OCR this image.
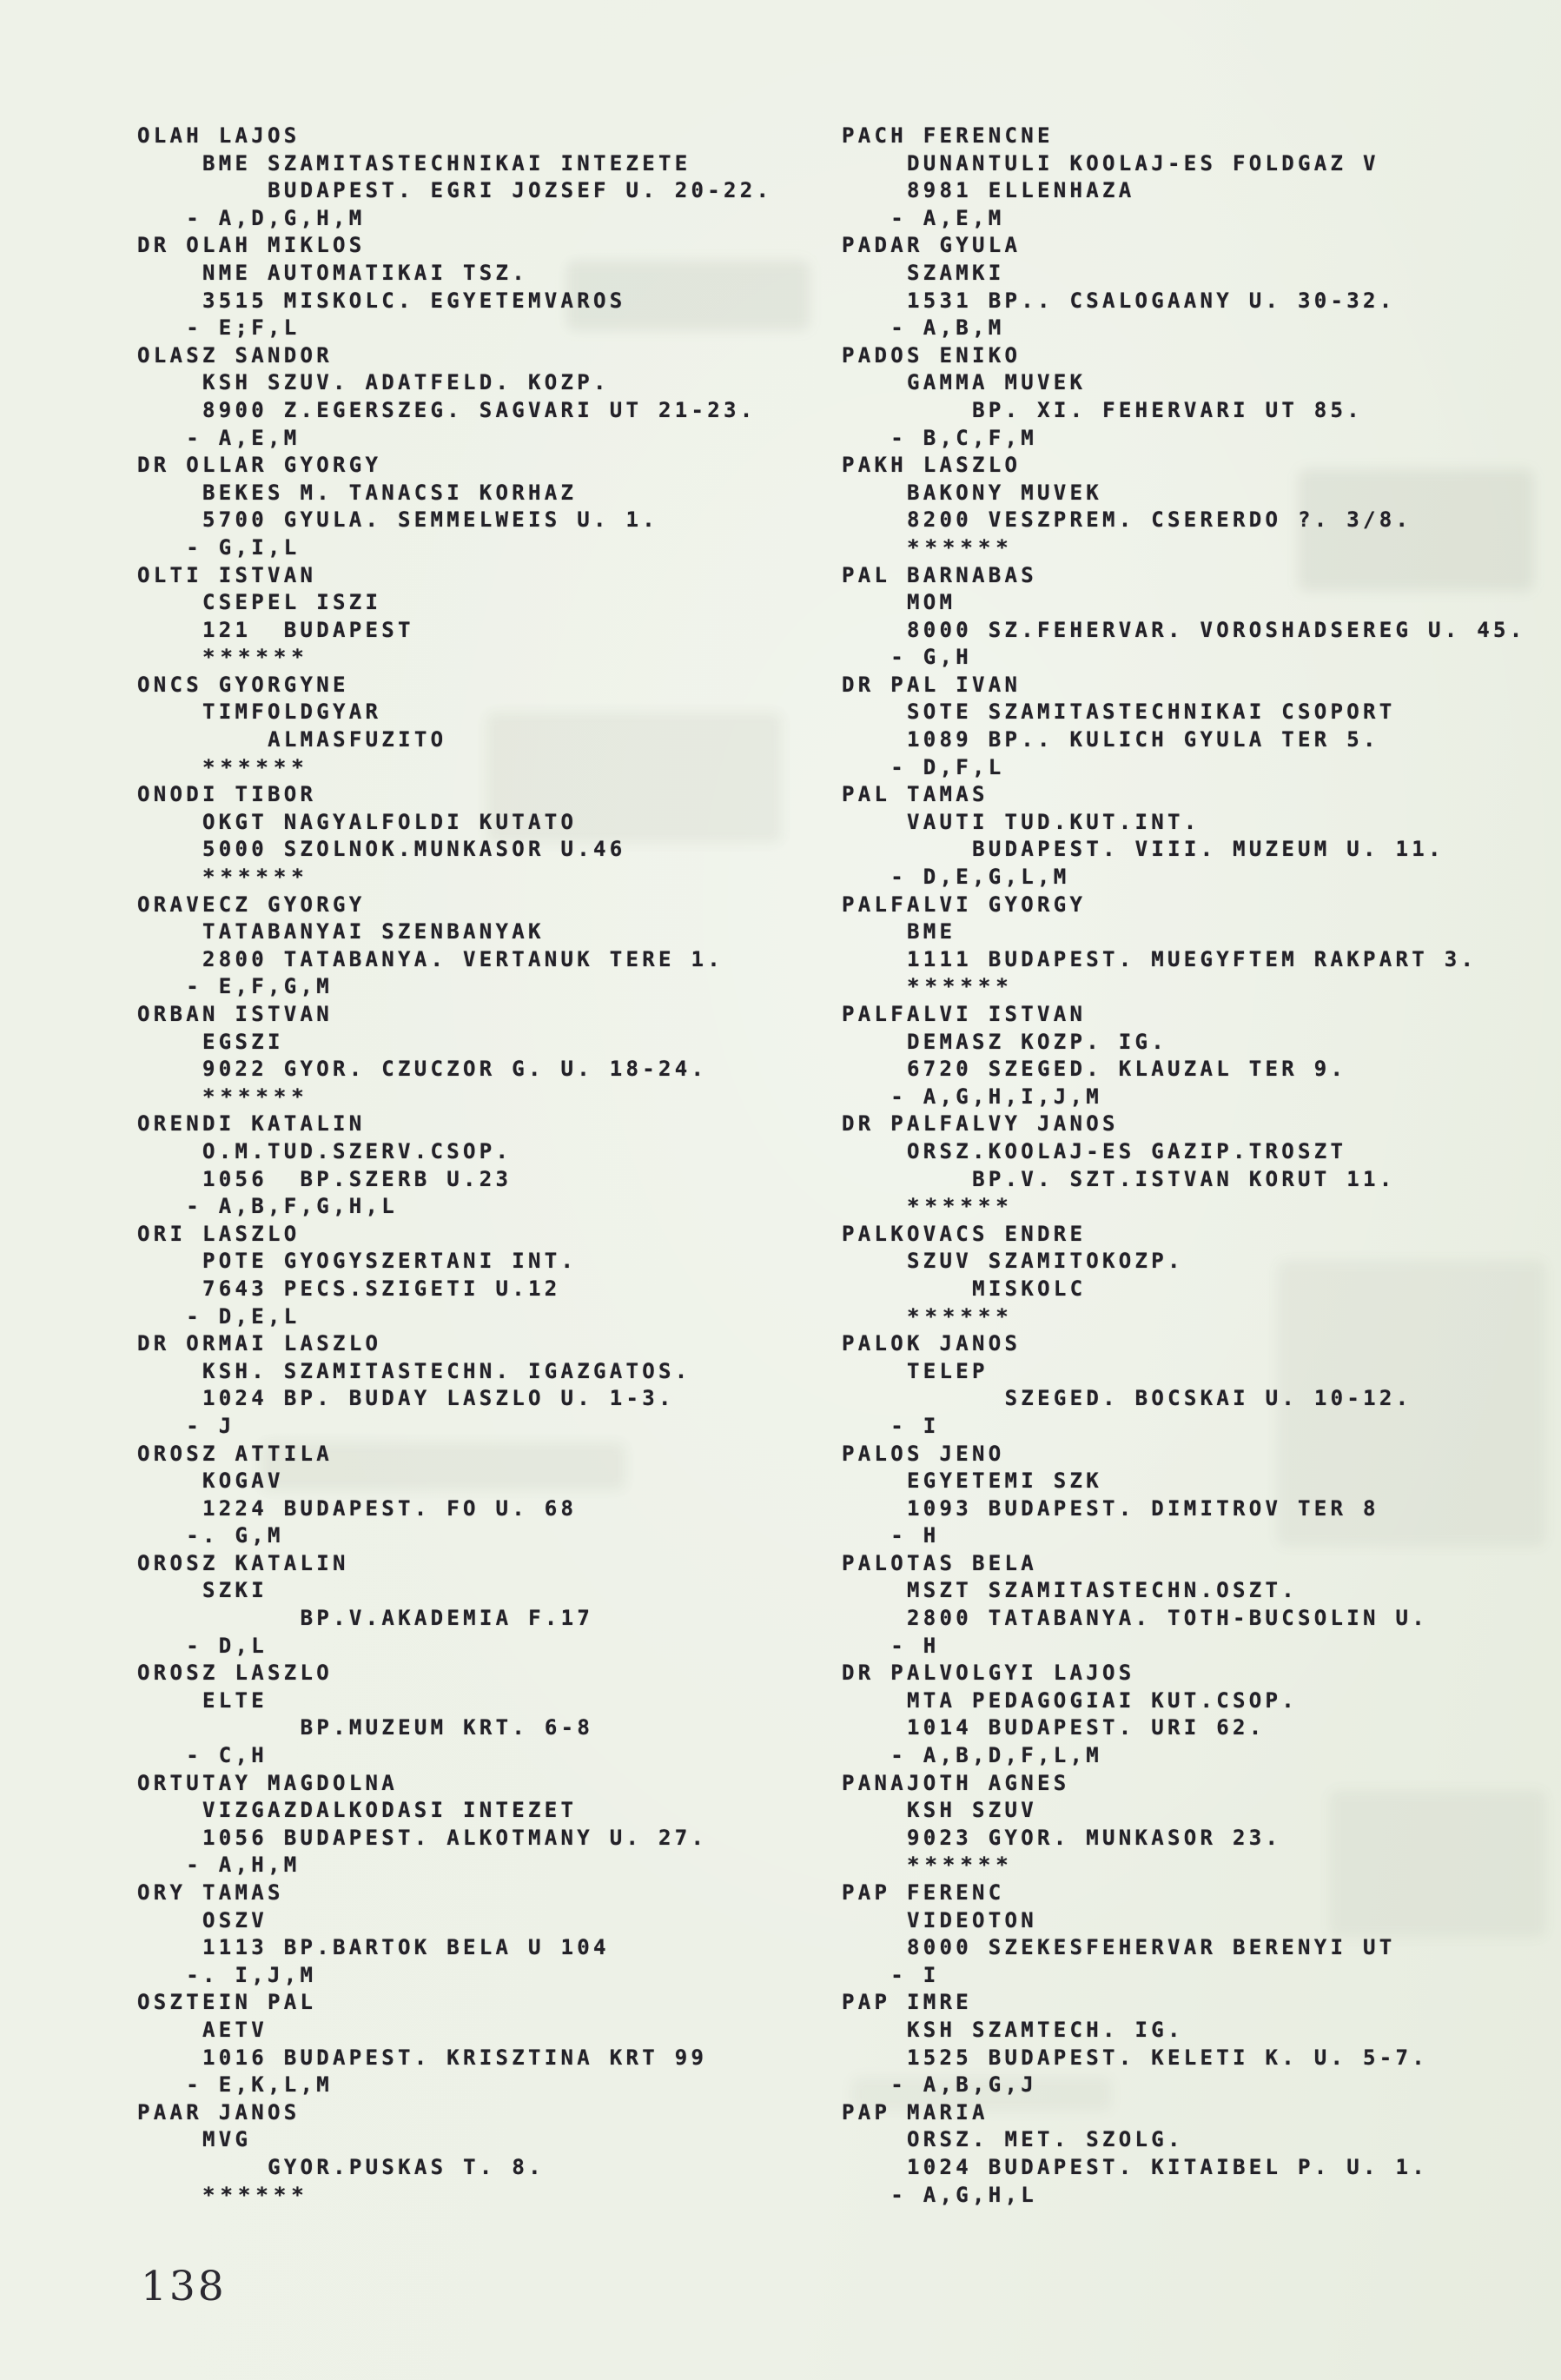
OLAH LAJOS
BME SZAMITASTECHNIKAI INTEZETE
BUDAPEST. EGRI JOZSEF U. 20-22.
- A,D,G,H,M
DR OLAH MIKLOS
NME AUTOMATIKAI TSZ.
3515 MISKOLC. EGYETEMVAROS
- E;F,L
OLASZ SANDOR
KSH SZUV. ADATFELD. KOZP.
8900 Z.EGERSZEG. SAGVARI UT 21-23.
- A,E,M
DR OLLAR GYORGY
BEKES M. TANACSI KORHAZ
5700 GYULA. SEMMELWEIS U. 1.
- G,I,L
OLTI ISTVAN
CSEPEL ISZI
121  BUDAPEST
******
ONCS GYORGYNE
TIMFOLDGYAR
ALMASFUZITO
******
ONODI TIBOR
OKGT NAGYALFOLDI KUTATO
5000 SZOLNOK.MUNKASOR U.46
******
ORAVECZ GYORGY
TATABANYAI SZENBANYAK
2800 TATABANYA. VERTANUK TERE 1.
- E,F,G,M
ORBAN ISTVAN
EGSZI
9022 GYOR. CZUCZOR G. U. 18-24.
******
ORENDI KATALIN
O.M.TUD.SZERV.CSOP.
1056  BP.SZERB U.23
- A,B,F,G,H,L
ORI LASZLO
POTE GYOGYSZERTANI INT.
7643 PECS.SZIGETI U.12
- D,E,L
DR ORMAI LASZLO
KSH. SZAMITASTECHN. IGAZGATOS.
1024 BP. BUDAY LASZLO U. 1-3.
- J
OROSZ ATTILA
KOGAV
1224 BUDAPEST. FO U. 68
-. G,M
OROSZ KATALIN
SZKI
BP.V.AKADEMIA F.17
- D,L
OROSZ LASZLO
ELTE
BP.MUZEUM KRT. 6-8
- C,H
ORTUTAY MAGDOLNA
VIZGAZDALKODASI INTEZET
1056 BUDAPEST. ALKOTMANY U. 27.
- A,H,M
ORY TAMAS
OSZV
1113 BP.BARTOK BELA U 104
-. I,J,M
OSZTEIN PAL
AETV
1016 BUDAPEST. KRISZTINA KRT 99
- E,K,L,M
PAAR JANOS
MVG
GYOR.PUSKAS T. 8.
******
PACH FERENCNE
DUNANTULI KOOLAJ-ES FOLDGAZ V
8981 ELLENHAZA
- A,E,M
PADAR GYULA
SZAMKI
1531 BP.. CSALOGAANY U. 30-32.
- A,B,M
PADOS ENIKO
GAMMA MUVEK
BP. XI. FEHERVARI UT 85.
- B,C,F,M
PAKH LASZLO
BAKONY MUVEK
8200 VESZPREM. CSERERDO ?. 3/8.
******
PAL BARNABAS
MOM
8000 SZ.FEHERVAR. VOROSHADSEREG U. 45.
- G,H
DR PAL IVAN
SOTE SZAMITASTECHNIKAI CSOPORT
1089 BP.. KULICH GYULA TER 5.
- D,F,L
PAL TAMAS
VAUTI TUD.KUT.INT.
BUDAPEST. VIII. MUZEUM U. 11.
- D,E,G,L,M
PALFALVI GYORGY
BME
1111 BUDAPEST. MUEGYFTEM RAKPART 3.
******
PALFALVI ISTVAN
DEMASZ KOZP. IG.
6720 SZEGED. KLAUZAL TER 9.
- A,G,H,I,J,M
DR PALFALVY JANOS
ORSZ.KOOLAJ-ES GAZIP.TROSZT
BP.V. SZT.ISTVAN KORUT 11.
******
PALKOVACS ENDRE
SZUV SZAMITOKOZP.
MISKOLC
******
PALOK JANOS
TELEP
SZEGED. BOCSKAI U. 10-12.
- I
PALOS JENO
EGYETEMI SZK
1093 BUDAPEST. DIMITROV TER 8
- H
PALOTAS BELA
MSZT SZAMITASTECHN.OSZT.
2800 TATABANYA. TOTH-BUCSOLIN U.
- H
DR PALVOLGYI LAJOS
MTA PEDAGOGIAI KUT.CSOP.
1014 BUDAPEST. URI 62.
- A,B,D,F,L,M
PANAJOTH AGNES
KSH SZUV
9023 GYOR. MUNKASOR 23.
******
PAP FERENC
VIDEOTON
8000 SZEKESFEHERVAR BERENYI UT
- I
PAP IMRE
KSH SZAMTECH. IG.
1525 BUDAPEST. KELETI K. U. 5-7.
- A,B,G,J
PAP MARIA
ORSZ. MET. SZOLG.
1024 BUDAPEST. KITAIBEL P. U. 1.
- A,G,H,L
138
